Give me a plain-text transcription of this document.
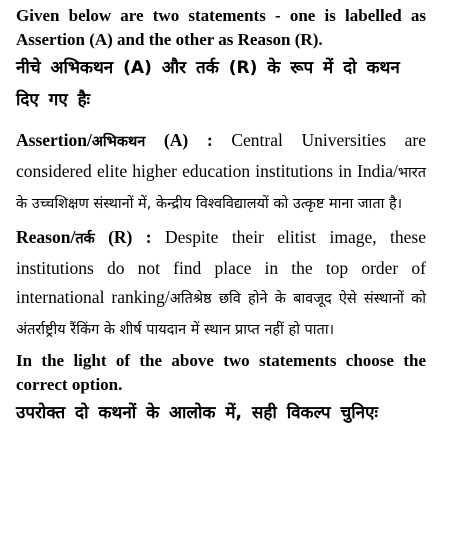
Given below are two statements - one is labelled as Assertion (A) and the other as Reason (R).

नीचे अभिकथन (A) और तर्क (R) के रूप में दो कथन दिए गए हैः

Assertion/अभिकथन (A) : Central Universities are considered elite higher education institutions in India/भारत के उच्चशिक्षण संस्थानों में, केन्द्रीय विश्वविद्यालयों को उत्कृष्ट माना जाता है।

Reason/तर्क (R) : Despite their elitist image, these institutions do not find place in the top order of international ranking/अतिश्रेष्ठ छवि होने के बावजूद ऐसे संस्थानों को अंतर्राष्ट्रीय रैंकिंग के शीर्ष पायदान में स्थान प्राप्त नहीं हो पाता।

In the light of the above two statements choose the correct option.

उपरोक्त दो कथनों के आलोक में, सही विकल्प चुनिएः
